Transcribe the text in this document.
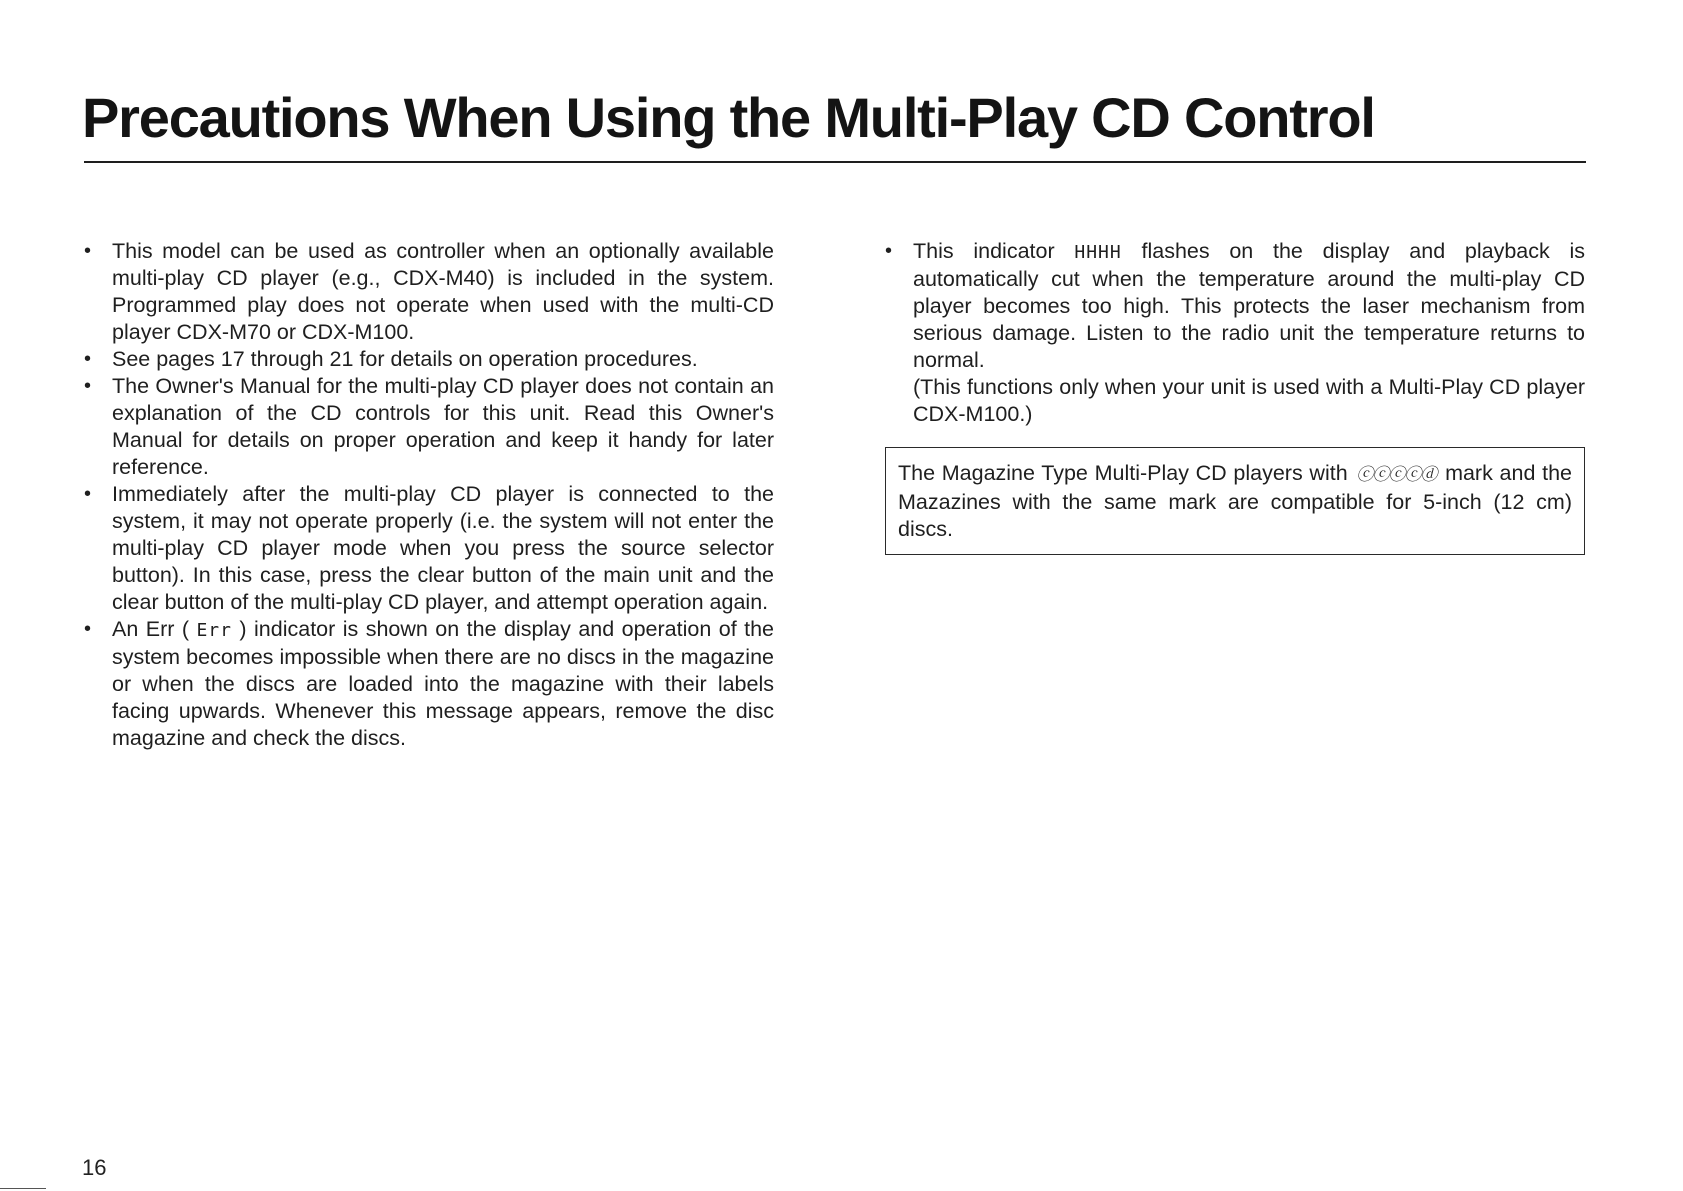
Precautions When Using the Multi-Play CD Control
• This model can be used as controller when an optionally available multi-play CD player (e.g., CDX-M40) is included in the system. Programmed play does not operate when used with the multi-CD player CDX-M70 or CDX-M100.
• See pages 17 through 21 for details on operation procedures.
• The Owner's Manual for the multi-play CD player does not contain an explanation of the CD controls for this unit. Read this Owner's Manual for details on proper operation and keep it handy for later reference.
• Immediately after the multi-play CD player is connected to the system, it may not operate properly (i.e. the system will not enter the multi-play CD player mode when you press the source selector button). In this case, press the clear button of the main unit and the clear button of the multi-play CD player, and attempt operation again.
• An Err ( Err ) indicator is shown on the display and operation of the system becomes impossible when there are no discs in the magazine or when the discs are loaded into the magazine with their labels facing upwards. Whenever this message appears, remove the disc magazine and check the discs.
• This indicator HHHH flashes on the display and playback is automatically cut when the temperature around the multi-play CD player becomes too high. This protects the laser mechanism from serious damage. Listen to the radio unit the temperature returns to normal.
(This functions only when your unit is used with a Multi-Play CD player CDX-M100.)
The Magazine Type Multi-Play CD players with ⓒⓒⓒⓒⓓ mark and the Mazazines with the same mark are compatible for 5-inch (12 cm) discs.
16
